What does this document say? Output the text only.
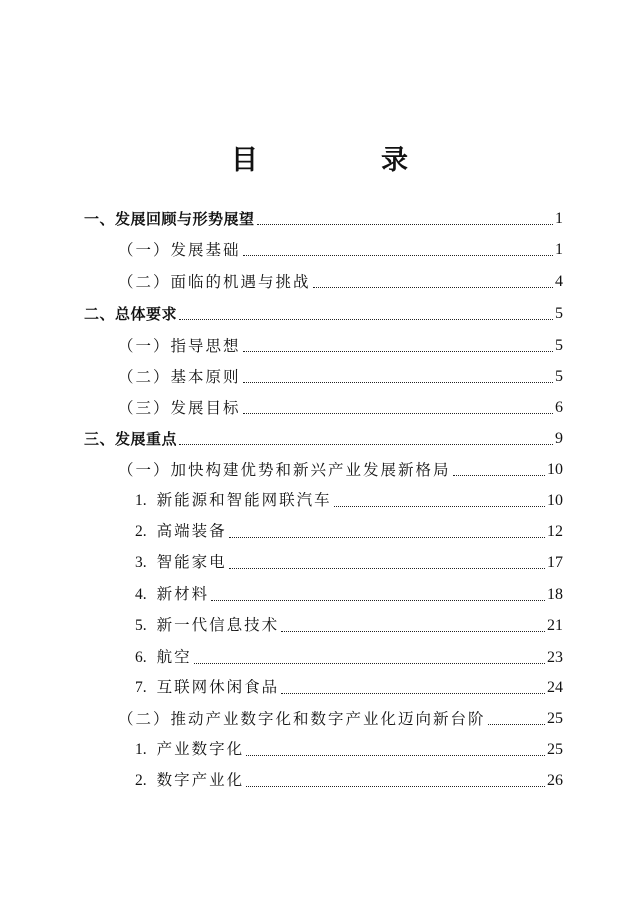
目　录
一、发展回顾与形势展望	1
（一）发展基础	1
（二）面临的机遇与挑战	4
二、总体要求	5
（一）指导思想	5
（二）基本原则	5
（三）发展目标	6
三、发展重点	9
（一）加快构建优势和新兴产业发展新格局	10
1. 新能源和智能网联汽车	10
2. 高端装备	12
3. 智能家电	17
4. 新材料	18
5. 新一代信息技术	21
6. 航空	23
7. 互联网休闲食品	24
（二）推动产业数字化和数字产业化迈向新台阶	25
1. 产业数字化	25
2. 数字产业化	26
